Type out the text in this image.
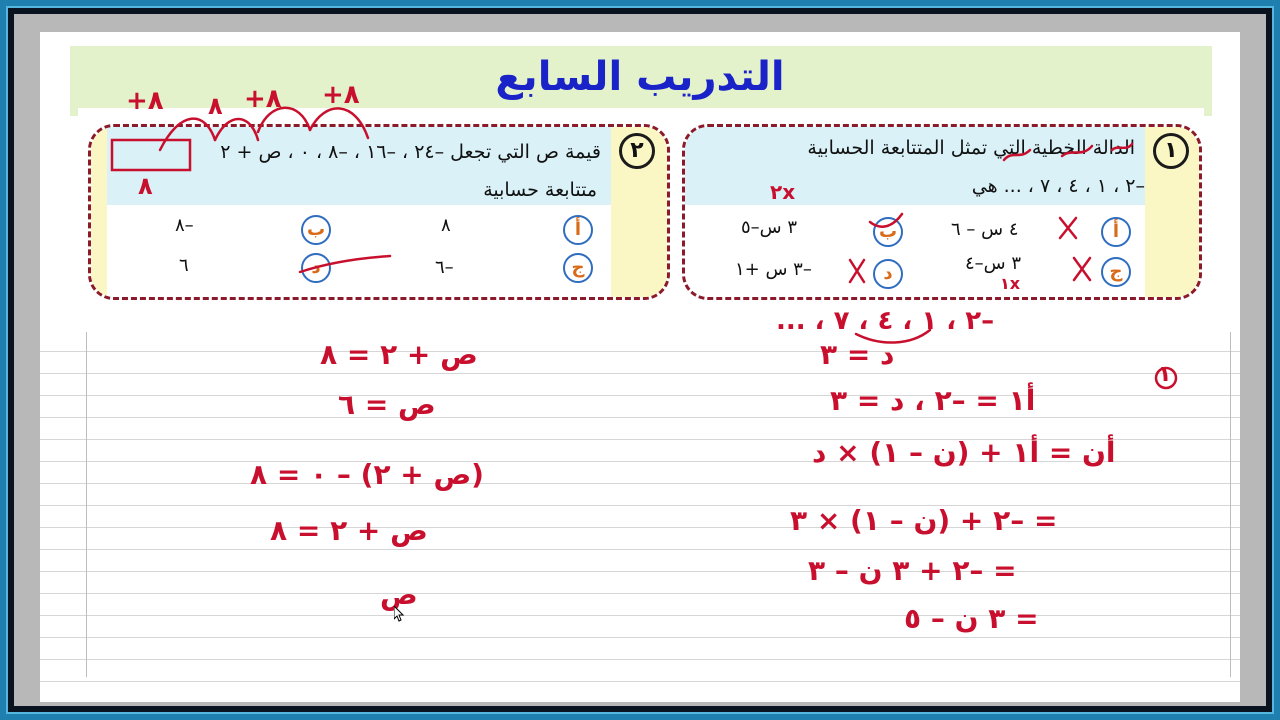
التدريب السابع
١
الدالة الخطية التي تمثل المتتابعة الحسابية
–٢ ، ١ ، ٤ ، ٧ ، ... هي
أ
٤ س – ٦
ب
٣ س–٥
ج
٣ س–٤
د
–٣ س +١
٢
قيمة ص التي تجعل –٢٤ ، –١٦ ، –٨ ، ٠ ، ص + ٢
متتابعة حسابية
أ
٨
ب
–٨
ج
–٦
د
٦
٨+ ٨ ٨+ ٨+
٨	٢x
١x
–٢ ، ١ ، ٤ ، ٧ ، ...
د = ٣
١
أ١ = –٢ ، د = ٣
أن = أ١ + (ن – ١) × د
= –٢ + (ن – ١) × ٣
= –٢ + ٣ ن – ٣
= ٣ ن – ٥
ص + ٢ = ٨
ص = ٦
(ص + ٢) – ٠ = ٨
ص + ٢ = ٨
ص
